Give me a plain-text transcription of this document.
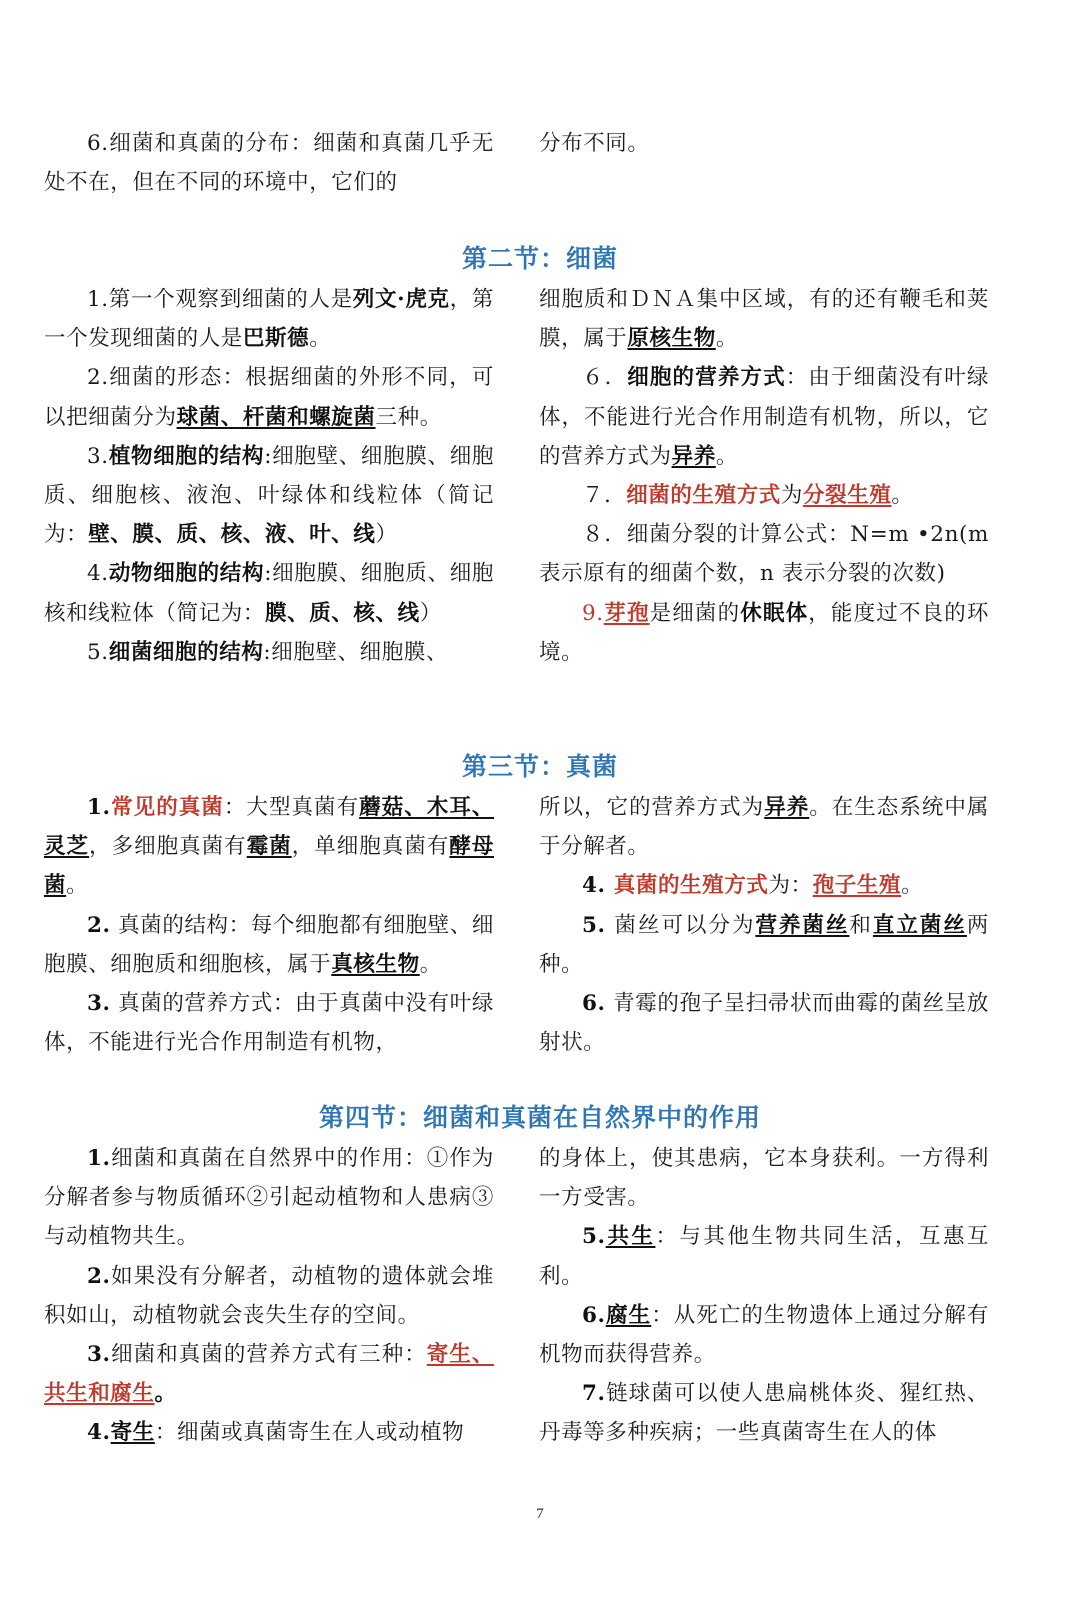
6.细菌和真菌的分布：细菌和真菌几乎无处不在，但在不同的环境中，它们的

分布不同。

第二节：细菌

1.第一个观察到细菌的人是列文·虎克，第一个发现细菌的人是巴斯德。

2.细菌的形态：根据细菌的外形不同，可以把细菌分为球菌、杆菌和螺旋菌三种。

3.植物细胞的结构:细胞壁、细胞膜、细胞质、细胞核、液泡、叶绿体和线粒体（简记为：壁、膜、质、核、液、叶、线）

4.动物细胞的结构:细胞膜、细胞质、细胞核和线粒体（简记为：膜、质、核、线）

5.细菌细胞的结构:细胞壁、细胞膜、

细胞质和ＤＮＡ集中区域，有的还有鞭毛和荚膜，属于原核生物。

６．细胞的营养方式：由于细菌没有叶绿体，不能进行光合作用制造有机物，所以，它的营养方式为异养。

７．细菌的生殖方式为分裂生殖。

８．细菌分裂的计算公式：N=m •2n(m表示原有的细菌个数，n 表示分裂的次数)

9.芽孢是细菌的休眠体，能度过不良的环境。

第三节：真菌

1.常见的真菌：大型真菌有蘑菇、木耳、灵芝，多细胞真菌有霉菌，单细胞真菌有酵母菌。

2. 真菌的结构：每个细胞都有细胞壁、细胞膜、细胞质和细胞核，属于真核生物。

3. 真菌的营养方式：由于真菌中没有叶绿体，不能进行光合作用制造有机物，

所以，它的营养方式为异养。在生态系统中属于分解者。

4. 真菌的生殖方式为：孢子生殖。

5. 菌丝可以分为营养菌丝和直立菌丝两种。

6. 青霉的孢子呈扫帚状而曲霉的菌丝呈放射状。

第四节：细菌和真菌在自然界中的作用

1.细菌和真菌在自然界中的作用：①作为分解者参与物质循环②引起动植物和人患病③与动植物共生。

2.如果没有分解者，动植物的遗体就会堆积如山，动植物就会丧失生存的空间。

3.细菌和真菌的营养方式有三种：寄生、共生和腐生。

4.寄生：细菌或真菌寄生在人或动植物

的身体上，使其患病，它本身获利。一方得利一方受害。

5.共生：与其他生物共同生活，互惠互利。

6.腐生：从死亡的生物遗体上通过分解有机物而获得营养。

7.链球菌可以使人患扁桃体炎、猩红热、丹毒等多种疾病；一些真菌寄生在人的体

7
